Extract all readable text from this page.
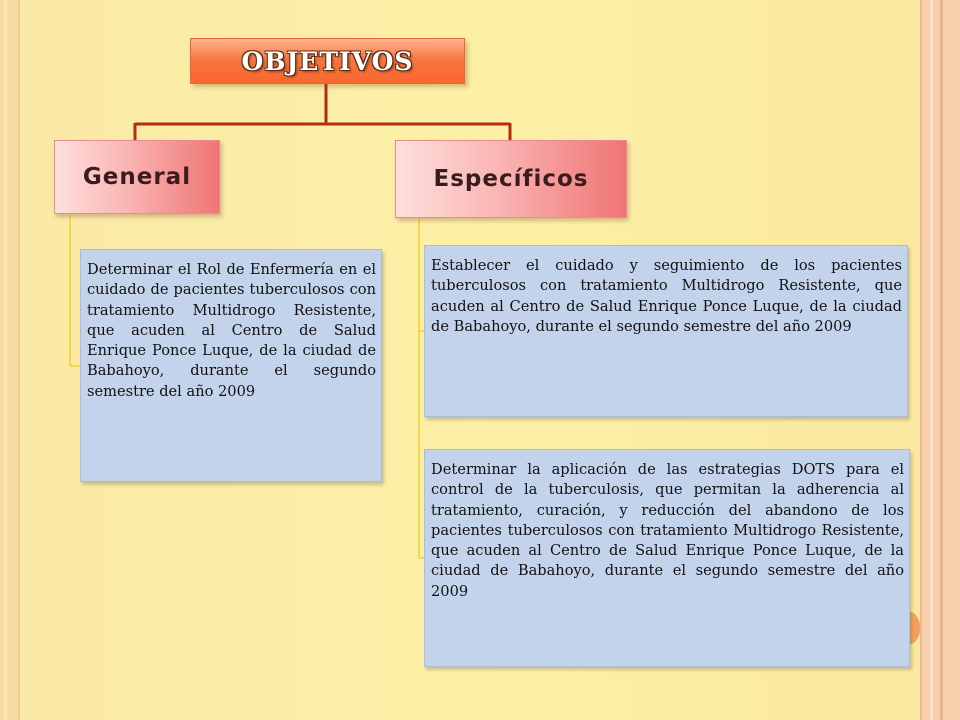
OBJETIVOS
General	Específicos
Determinar el Rol de Enfermería en el cuidado de pacientes tuberculosos con tratamiento Multidrogo Resistente, que acuden al Centro de Salud Enrique Ponce Luque, de la ciudad de Babahoyo, durante el segundo semestre del año 2009
Establecer el cuidado y seguimiento de los pacientes tuberculosos con tratamiento Multidrogo Resistente, que acuden al Centro de Salud Enrique Ponce Luque, de la ciudad de Babahoyo, durante el segundo semestre del año 2009
Determinar la aplicación de las estrategias DOTS para el control de la tuberculosis, que permitan la adherencia al tratamiento, curación, y reducción del abandono de los pacientes tuberculosos con tratamiento Multidrogo Resistente, que acuden al Centro de Salud Enrique Ponce Luque, de la ciudad de Babahoyo, durante el segundo semestre del año 2009
